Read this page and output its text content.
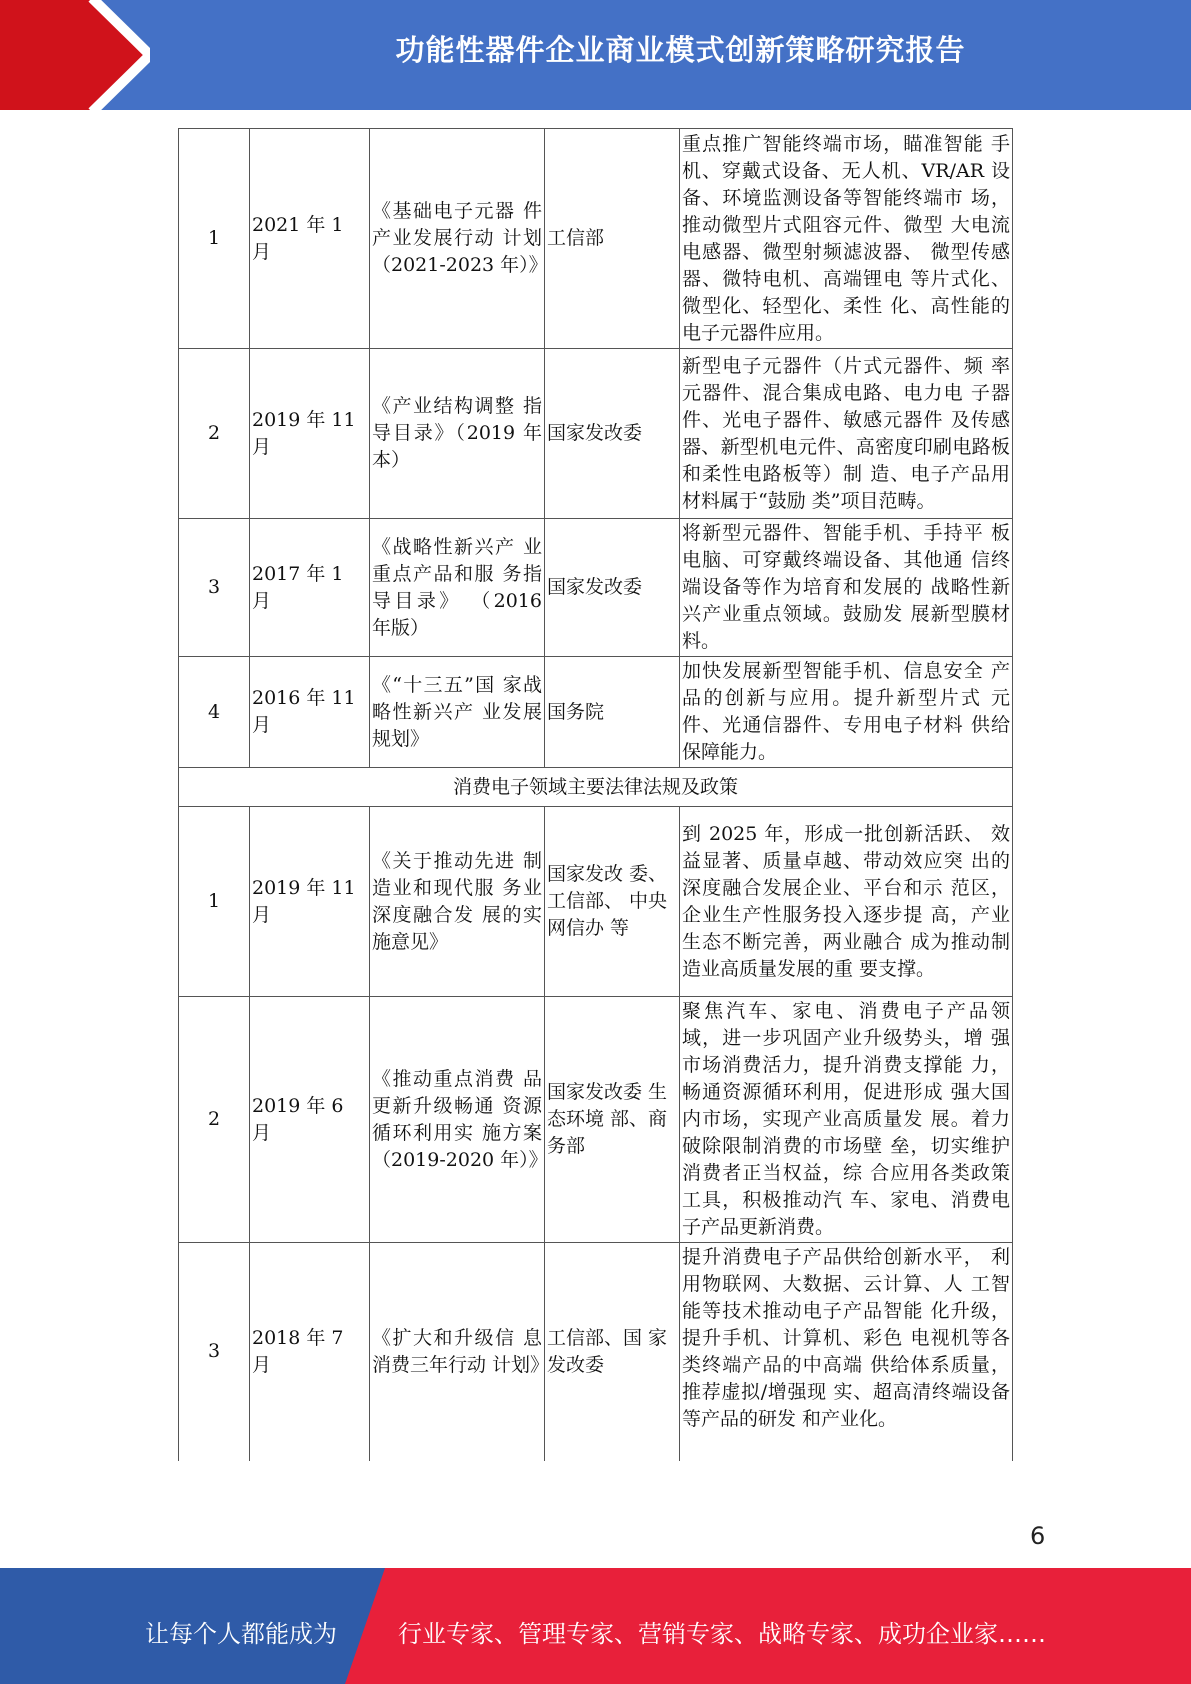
功能性器件企业商业模式创新策略研究报告
1	2021 年 1 月	《基础电子元器 件产业发展行动 计划（2021-2023 年）》	工信部	重点推广智能终端市场，瞄准智能 手机、穿戴式设备、无人机、VR/AR 设备、环境监测设备等智能终端市 场，推动微型片式阻容元件、微型 大电流电感器、微型射频滤波器、 微型传感器、微特电机、高端锂电 等片式化、微型化、轻型化、柔性 化、高性能的电子元器件应用。
2	2019 年 11 月	《产业结构调整 指导目录》（2019 年本）	国家发改委	新型电子元器件（片式元器件、频 率元器件、混合集成电路、电力电 子器件、光电子器件、敏感元器件 及传感器、新型机电元件、高密度印刷电路板和柔性电路板等）制 造、电子产品用材料属于“鼓励 类”项目范畴。
3	2017 年 1 月	《战略性新兴产 业重点产品和服 务指导目录》 （2016 年版）	国家发改委	将新型元器件、智能手机、手持平 板电脑、可穿戴终端设备、其他通 信终端设备等作为培育和发展的 战略性新兴产业重点领域。鼓励发 展新型膜材料。
4	2016 年 11 月	《“十三五”国 家战略性新兴产 业发展规划》	国务院	加快发展新型智能手机、信息安全 产品的创新与应用。提升新型片式 元件、光通信器件、专用电子材料 供给保障能力。
消费电子领域主要法律法规及政策				
1	2019 年 11 月	《关于推动先进 制造业和现代服 务业深度融合发 展的实施意见》	国家发改 委、工信部、 中央网信办 等	到 2025 年，形成一批创新活跃、 效益显著、质量卓越、带动效应突 出的深度融合发展企业、平台和示 范区，企业生产性服务投入逐步提 高，产业生态不断完善，两业融合 成为推动制造业高质量发展的重 要支撑。
2	2019 年 6 月	《推动重点消费 品更新升级畅通 资源循环利用实 施方案（2019-2020 年）》	国家发改委 生态环境 部、商务部	聚焦汽车、家电、消费电子产品领 域，进一步巩固产业升级势头，增 强市场消费活力，提升消费支撑能 力，畅通资源循环利用，促进形成 强大国内市场，实现产业高质量发 展。着力破除限制消费的市场壁 垒，切实维护消费者正当权益，综 合应用各类政策工具，积极推动汽 车、家电、消费电子产品更新消费。
3	2018 年 7 月	《扩大和升级信 息消费三年行动 计划》	工信部、国 家发改委	提升消费电子产品供给创新水平， 利用物联网、大数据、云计算、人 工智能等技术推动电子产品智能 化升级，提升手机、计算机、彩色 电视机等各类终端产品的中高端 供给体系质量，推荐虚拟/增强现 实、超高清终端设备等产品的研发 和产业化。
6
让每个人都能成为	行业专家、管理专家、营销专家、战略专家、成功企业家……
